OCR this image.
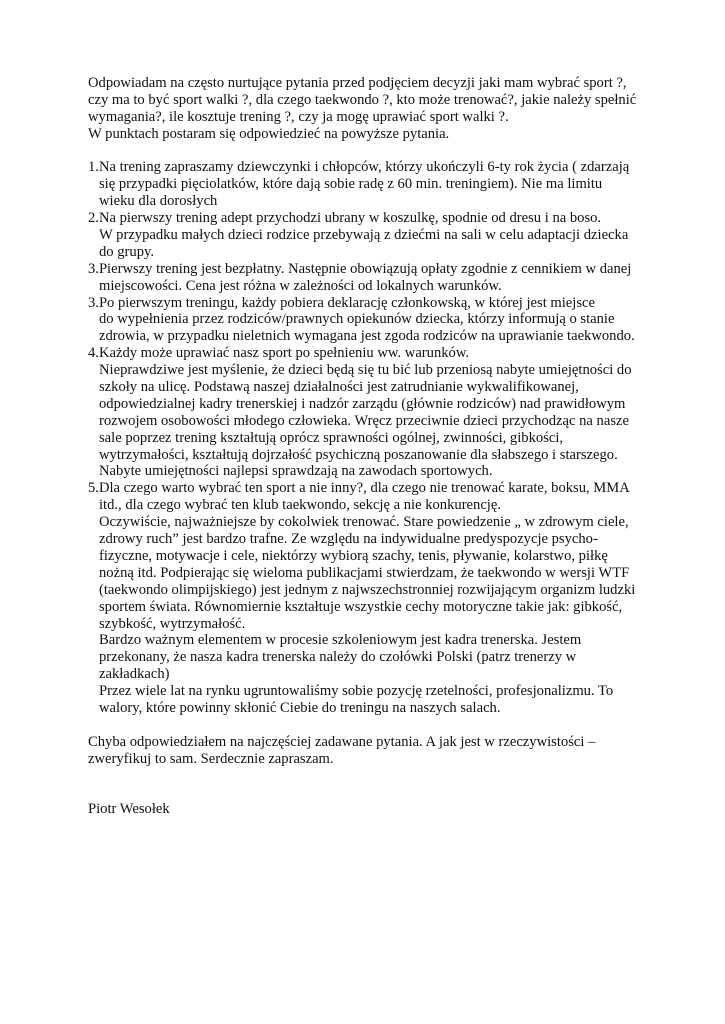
Odpowiadam na często nurtujące pytania przed podjęciem decyzji jaki mam wybrać sport ?,
czy ma to być sport walki ?, dla czego taekwondo ?, kto może trenować?, jakie należy spełnić
wymagania?, ile kosztuje trening ?, czy ja mogę uprawiać sport walki ?.
W punktach postaram się odpowiedzieć na powyższe pytania.
1.Na trening zapraszamy dziewczynki i chłopców, którzy ukończyli 6-ty rok życia ( zdarzają
się przypadki pięciolatków, które dają sobie radę z 60 min. treningiem). Nie ma limitu
wieku dla dorosłych
2.Na pierwszy trening adept przychodzi ubrany w koszulkę, spodnie od dresu i na boso.
W przypadku małych dzieci rodzice przebywają z dziećmi na sali w celu adaptacji dziecka
do grupy.
3.Pierwszy trening jest bezpłatny. Następnie obowiązują opłaty zgodnie z cennikiem w danej
miejscowości. Cena jest różna w zależności od lokalnych warunków.
3.Po pierwszym treningu, każdy pobiera deklarację członkowską, w której jest miejsce
do wypełnienia przez rodziców/prawnych opiekunów dziecka, którzy informują o stanie
zdrowia, w przypadku nieletnich wymagana jest zgoda rodziców na uprawianie taekwondo.
4.Każdy może uprawiać nasz sport po spełnieniu ww. warunków.
Nieprawdziwe jest myślenie, że dzieci będą się tu bić lub przeniosą nabyte umiejętności do
szkoły na ulicę. Podstawą naszej działalności jest zatrudnianie wykwalifikowanej,
odpowiedzialnej kadry trenerskiej i nadzór zarządu (głównie rodziców) nad prawidłowym
rozwojem osobowości młodego człowieka. Wręcz przeciwnie dzieci przychodząc na nasze
sale poprzez trening kształtują oprócz sprawności ogólnej, zwinności, gibkości,
wytrzymałości, kształtują dojrzałość psychiczną poszanowanie dla słabszego i starszego.
Nabyte umiejętności najlepsi sprawdzają na zawodach sportowych.
5.Dla czego warto wybrać ten sport a nie inny?, dla czego nie trenować karate, boksu, MMA
itd., dla czego wybrać ten klub taekwondo, sekcję a nie konkurencję.
Oczywiście, najważniejsze by cokolwiek trenować. Stare powiedzenie „ w zdrowym ciele,
zdrowy ruch” jest bardzo trafne. Ze względu na indywidualne predyspozycje psycho-
fizyczne, motywacje i cele, niektórzy wybiorą szachy, tenis, pływanie, kolarstwo, piłkę
nożną itd. Podpierając się wieloma publikacjami stwierdzam, że taekwondo w wersji WTF
(taekwondo olimpijskiego) jest jednym z najwszechstronniej rozwijającym organizm ludzki
sportem świata. Równomiernie kształtuje wszystkie cechy motoryczne takie jak: gibkość,
szybkość, wytrzymałość.
Bardzo ważnym elementem w procesie szkoleniowym jest kadra trenerska. Jestem
przekonany, że nasza kadra trenerska należy do czołówki Polski (patrz trenerzy w
zakładkach)
Przez wiele lat na rynku ugruntowaliśmy sobie pozycję rzetelności, profesjonalizmu. To
walory, które powinny skłonić Ciebie do treningu na naszych salach.
Chyba odpowiedziałem na najczęściej zadawane pytania. A jak jest w rzeczywistości –
zweryfikuj to sam. Serdecznie zapraszam.
Piotr Wesołek
